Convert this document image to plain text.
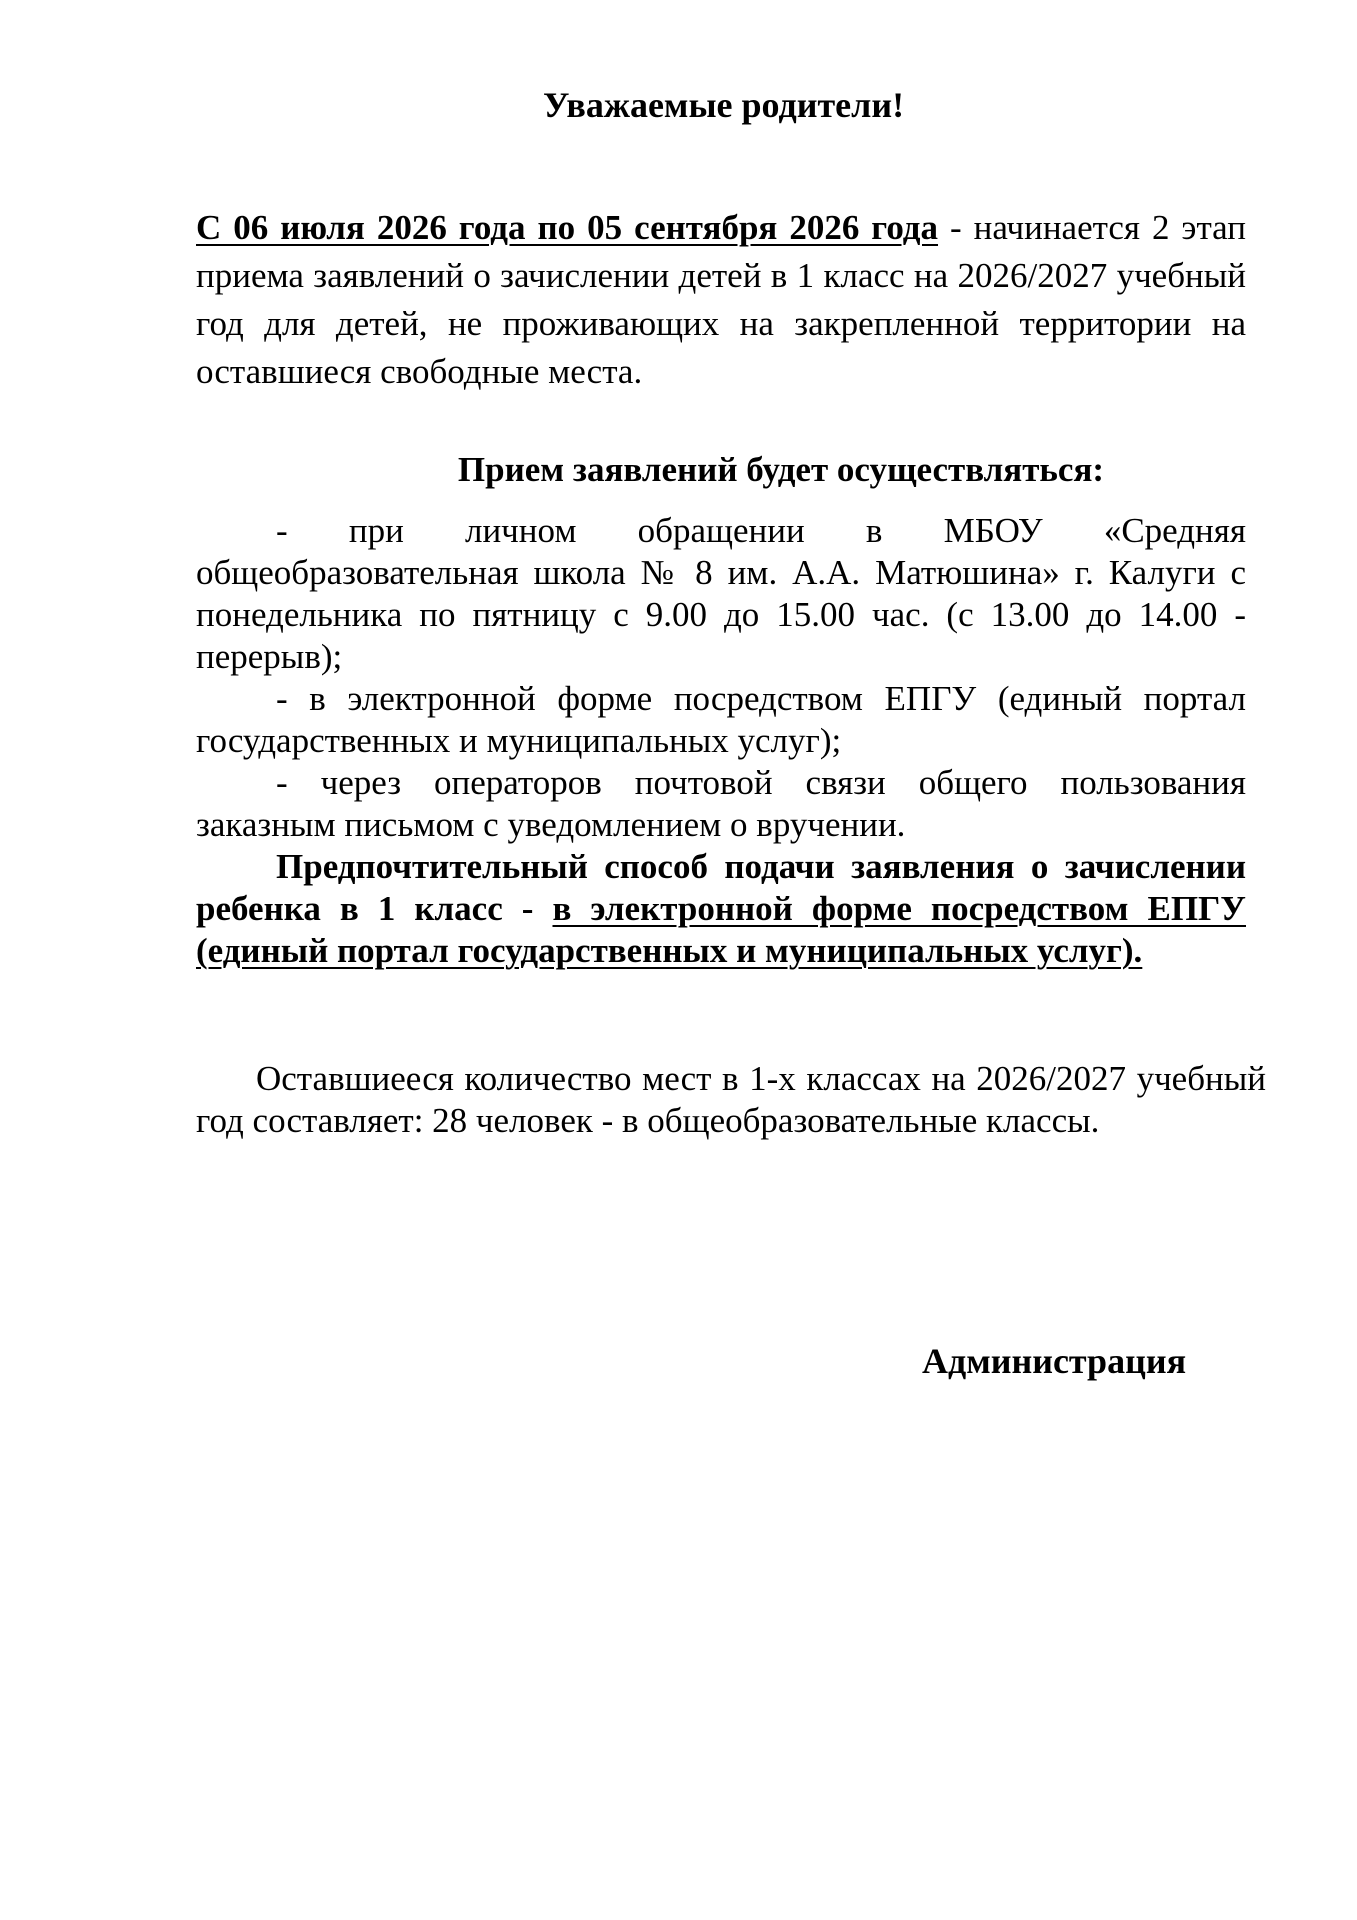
Уважаемые родители!
С 06 июля 2026 года по 05 сентября 2026 года - начинается 2 этап приема заявлений о зачислении детей в 1 класс на 2026/2027 учебный год для детей, не проживающих на закрепленной территории на оставшиеся свободные места.
Прием заявлений будет осуществляться:

- при личном обращении в МБОУ «Средняя общеобразовательная школа № 8 им. А.А. Матюшина» г. Калуги с понедельника по пятницу с 9.00 до 15.00 час. (с 13.00 до 14.00 - перерыв);

- в электронной форме посредством ЕПГУ (единый портал государственных и муниципальных услуг);

- через операторов почтовой связи общего пользования заказным письмом с уведомлением о вручении.

Предпочтительный способ подачи заявления о зачислении ребенка в 1 класс - в электронной форме посредством ЕПГУ (единый портал государственных и муниципальных услуг).

Оставшиееся количество мест в 1-х классах на 2026/2027 учебный год составляет: 28 человек - в общеобразовательные классы.

Администрация
